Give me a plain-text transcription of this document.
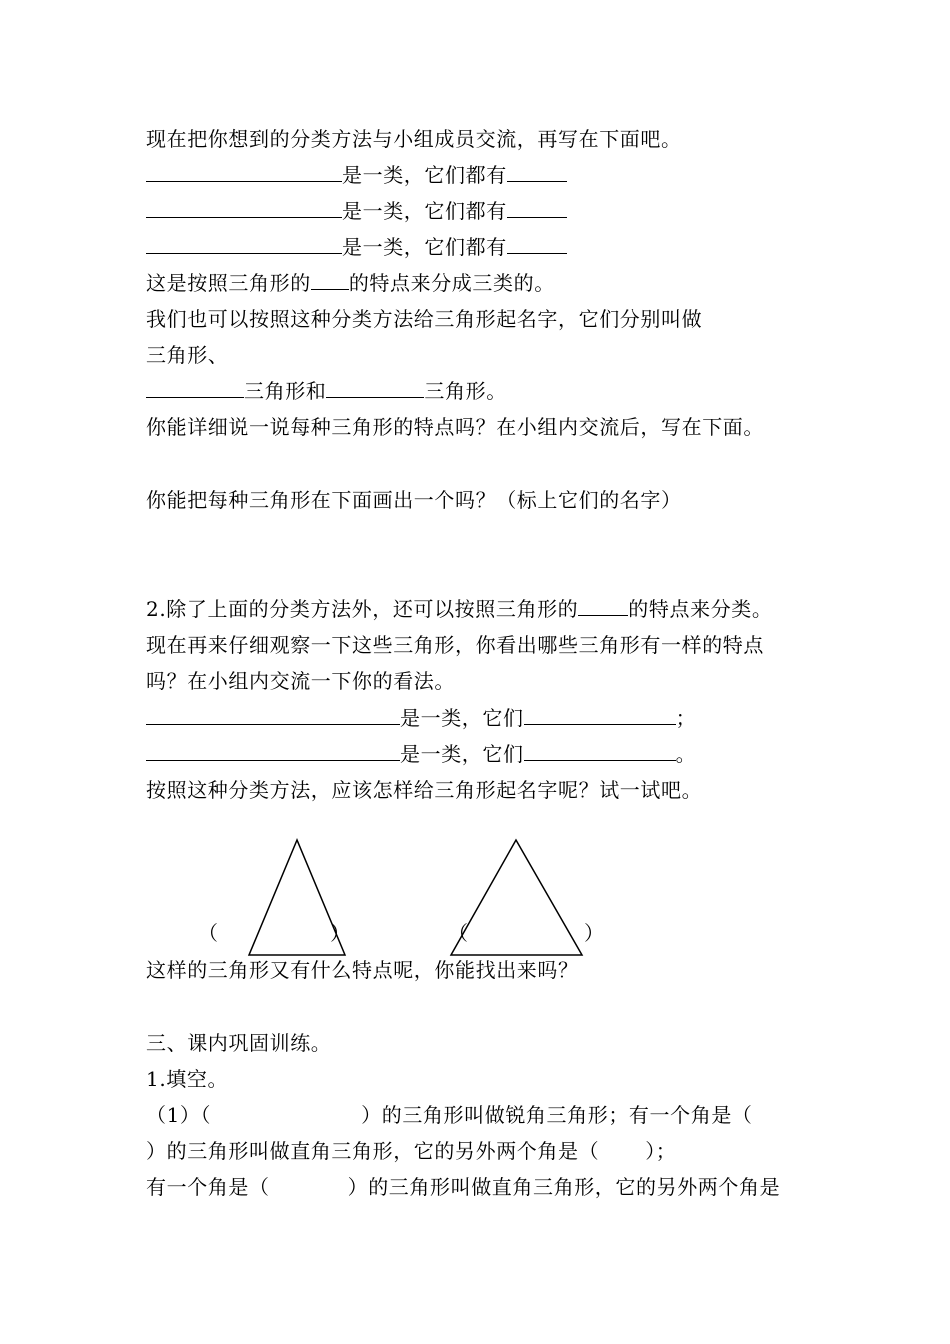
现在把你想到的分类方法与小组成员交流，再写在下面吧。

是一类，它们都有

是一类，它们都有

是一类，它们都有

这是按照三角形的 的特点来分成三类的。

我们也可以按照这种分类方法给三角形起名字，它们分别叫做

三角形、

三角形和	三角形。

你能详细说一说每种三角形的特点吗？在小组内交流后，写在下面。

你能把每种三角形在下面画出一个吗？（标上它们的名字）

2.除了上面的分类方法外，还可以按照三角形的	的特点来分类。

现在再来仔细观察一下这些三角形，你看出哪些三角形有一样的特点

吗？在小组内交流一下你的看法。

是一类，它们	；

是一类，它们	。

按照这种分类方法，应该怎样给三角形起名字呢？试一试吧。

（	）	（	）

这样的三角形又有什么特点呢，你能找出来吗？

三、课内巩固训练。

1.填空。

（1）（	）的三角形叫做锐角三角形；有一个角是（

）的三角形叫做直角三角形，它的另外两个角是（ ）；

有一个角是（	）的三角形叫做直角三角形，它的另外两个角是
